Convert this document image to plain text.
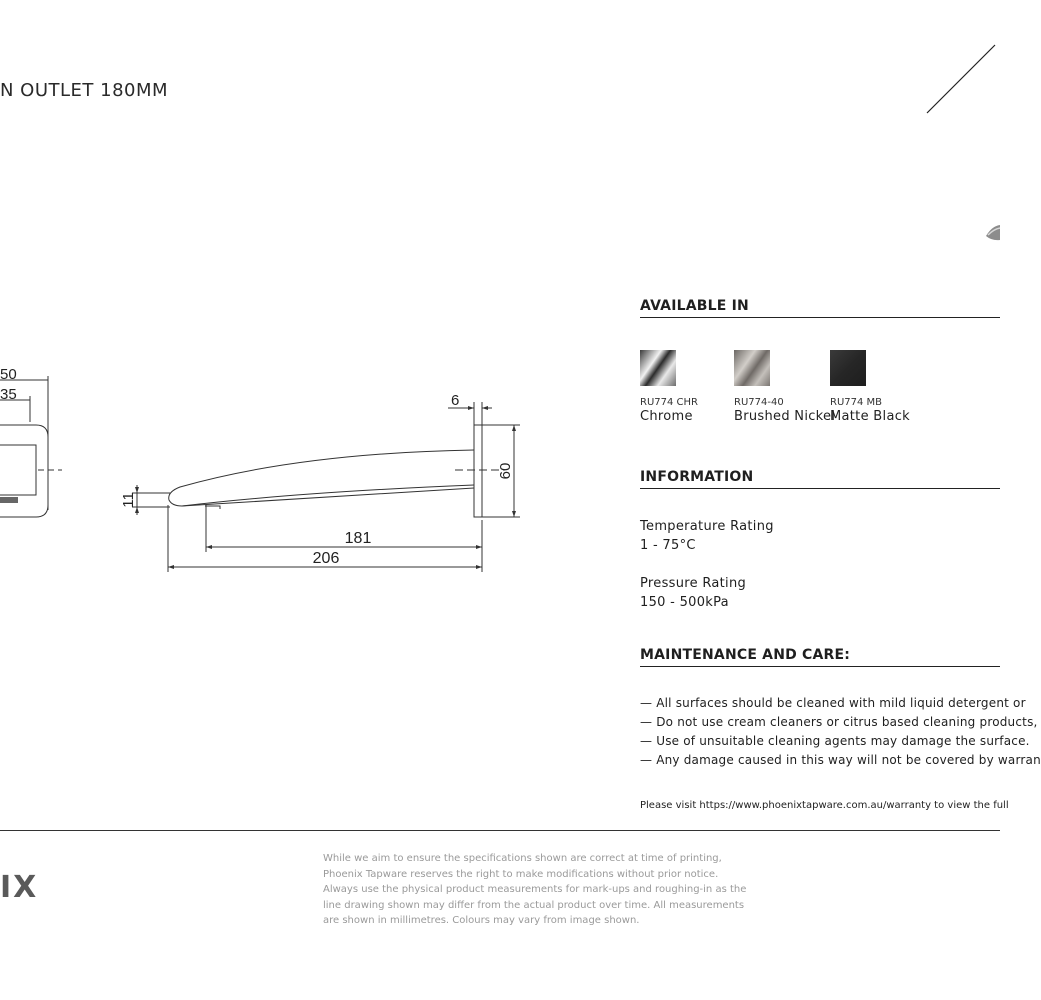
N OUTLET 180MM
50
35	6
60
11
181
206
AVAILABLE IN
RU774 CHR
Chrome
RU774-40
Brushed Nickel
RU774 MB
Matte Black
INFORMATION
Temperature Rating
1 - 75°C
Pressure Rating
150 - 500kPa
MAINTENANCE AND CARE:
— All surfaces should be cleaned with mild liquid detergent or
— Do not use cream cleaners or citrus based cleaning products,
— Use of unsuitable cleaning agents may damage the surface.
— Any damage caused in this way will not be covered by warran
Please visit https://www.phoenixtapware.com.au/warranty to view the full
IX
While we aim to ensure the specifications shown are correct at time of printing,
Phoenix Tapware reserves the right to make modifications without prior notice.
Always use the physical product measurements for mark-ups and roughing-in as the
line drawing shown may differ from the actual product over time. All measurements
are shown in millimetres. Colours may vary from image shown.
